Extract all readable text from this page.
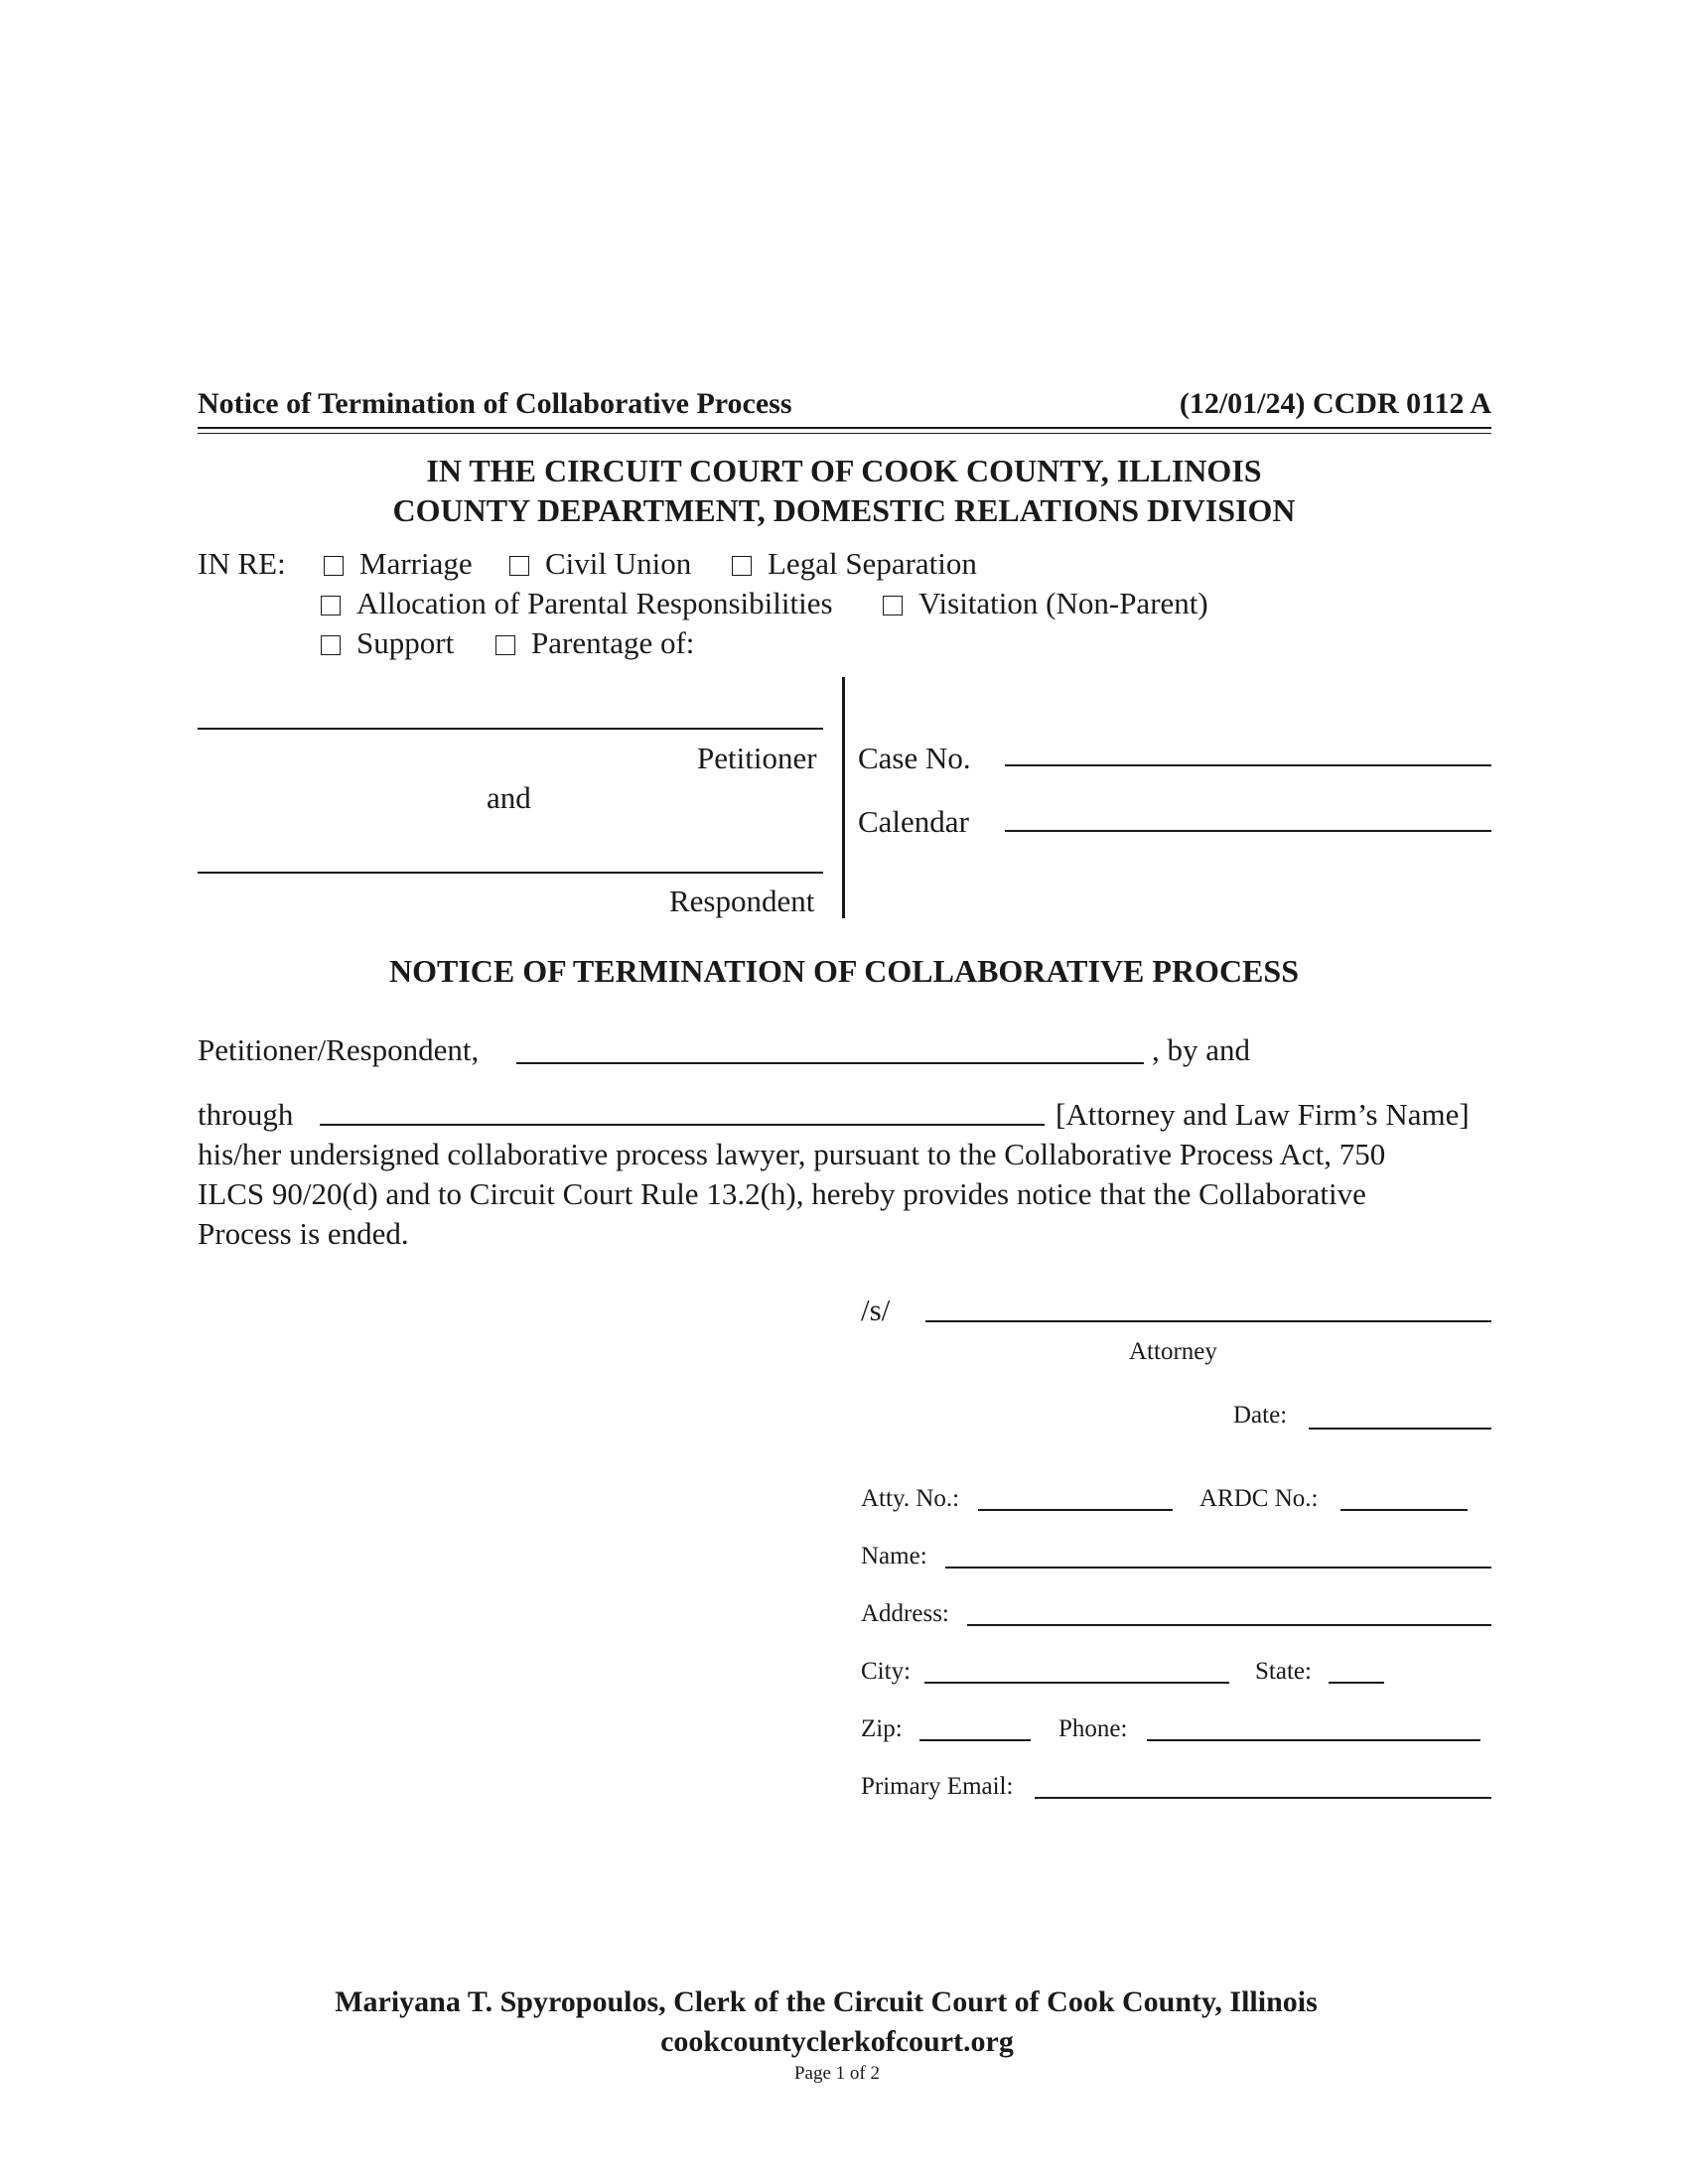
Notice of Termination of Collaborative Process	(12/01/24) CCDR 0112 A
IN THE CIRCUIT COURT OF COOK COUNTY, ILLINOIS
COUNTY DEPARTMENT, DOMESTIC RELATIONS DIVISION
IN RE:	Marriage	Civil Union	Legal Separation
Allocation of Parental Responsibilities	Visitation (Non-Parent)
Support	Parentage of:
Petitioner
and
Respondent
Case No.
Calendar
NOTICE OF TERMINATION OF COLLABORATIVE PROCESS
Petitioner/Respondent,	, by and
through	[Attorney and Law Firm’s Name]
his/her undersigned collaborative process lawyer, pursuant to the Collaborative Process Act, 750
ILCS 90/20(d) and to Circuit Court Rule 13.2(h), hereby provides notice that the Collaborative
Process is ended.
/s/
Attorney
Date:
Atty. No.:	ARDC No.:
Name:
Address:
City:	State:
Zip:	Phone:
Primary Email:
Mariyana T. Spyropoulos, Clerk of the Circuit Court of Cook County, Illinois
cookcountyclerkofcourt.org
Page 1 of 2
